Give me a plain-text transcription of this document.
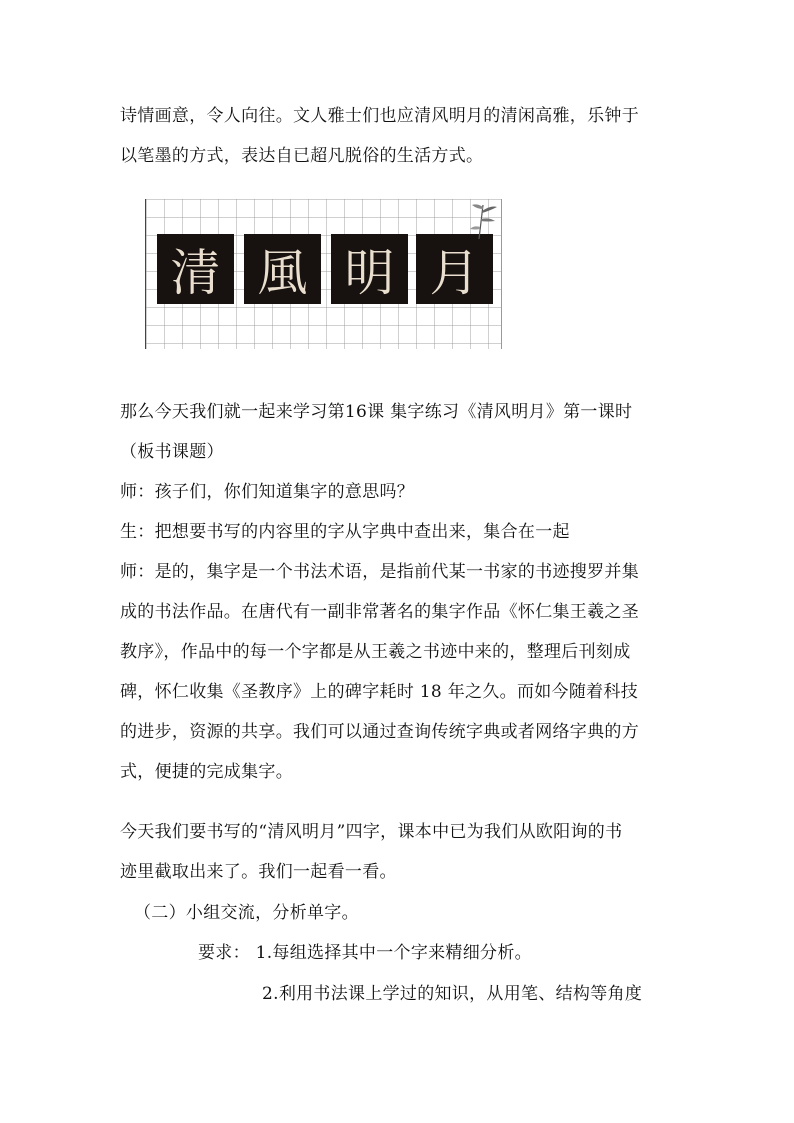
诗情画意，令人向往。文人雅士们也应清风明月的清闲高雅，乐钟于
以笔墨的方式，表达自已超凡脱俗的生活方式。
清 風 明 月
那么今天我们就一起来学习第16课 集字练习《清风明月》第一课时
（板书课题）
师：孩子们，你们知道集字的意思吗？
生：把想要书写的内容里的字从字典中查出来，集合在一起
师：是的，集字是一个书法术语，是指前代某一书家的书迹搜罗并集
成的书法作品。在唐代有一副非常著名的集字作品《怀仁集王羲之圣
教序》，作品中的每一个字都是从王羲之书迹中来的，整理后刊刻成
碑，怀仁收集《圣教序》上的碑字耗时 18 年之久。而如今随着科技
的进步，资源的共享。我们可以通过查询传统字典或者网络字典的方
式，便捷的完成集字。
今天我们要书写的“清风明月”四字，课本中已为我们从欧阳询的书
迹里截取出来了。我们一起看一看。
（二）小组交流，分析单字。
要求： 1.每组选择其中一个字来精细分析。
2.利用书法课上学过的知识，从用笔、结构等角度
